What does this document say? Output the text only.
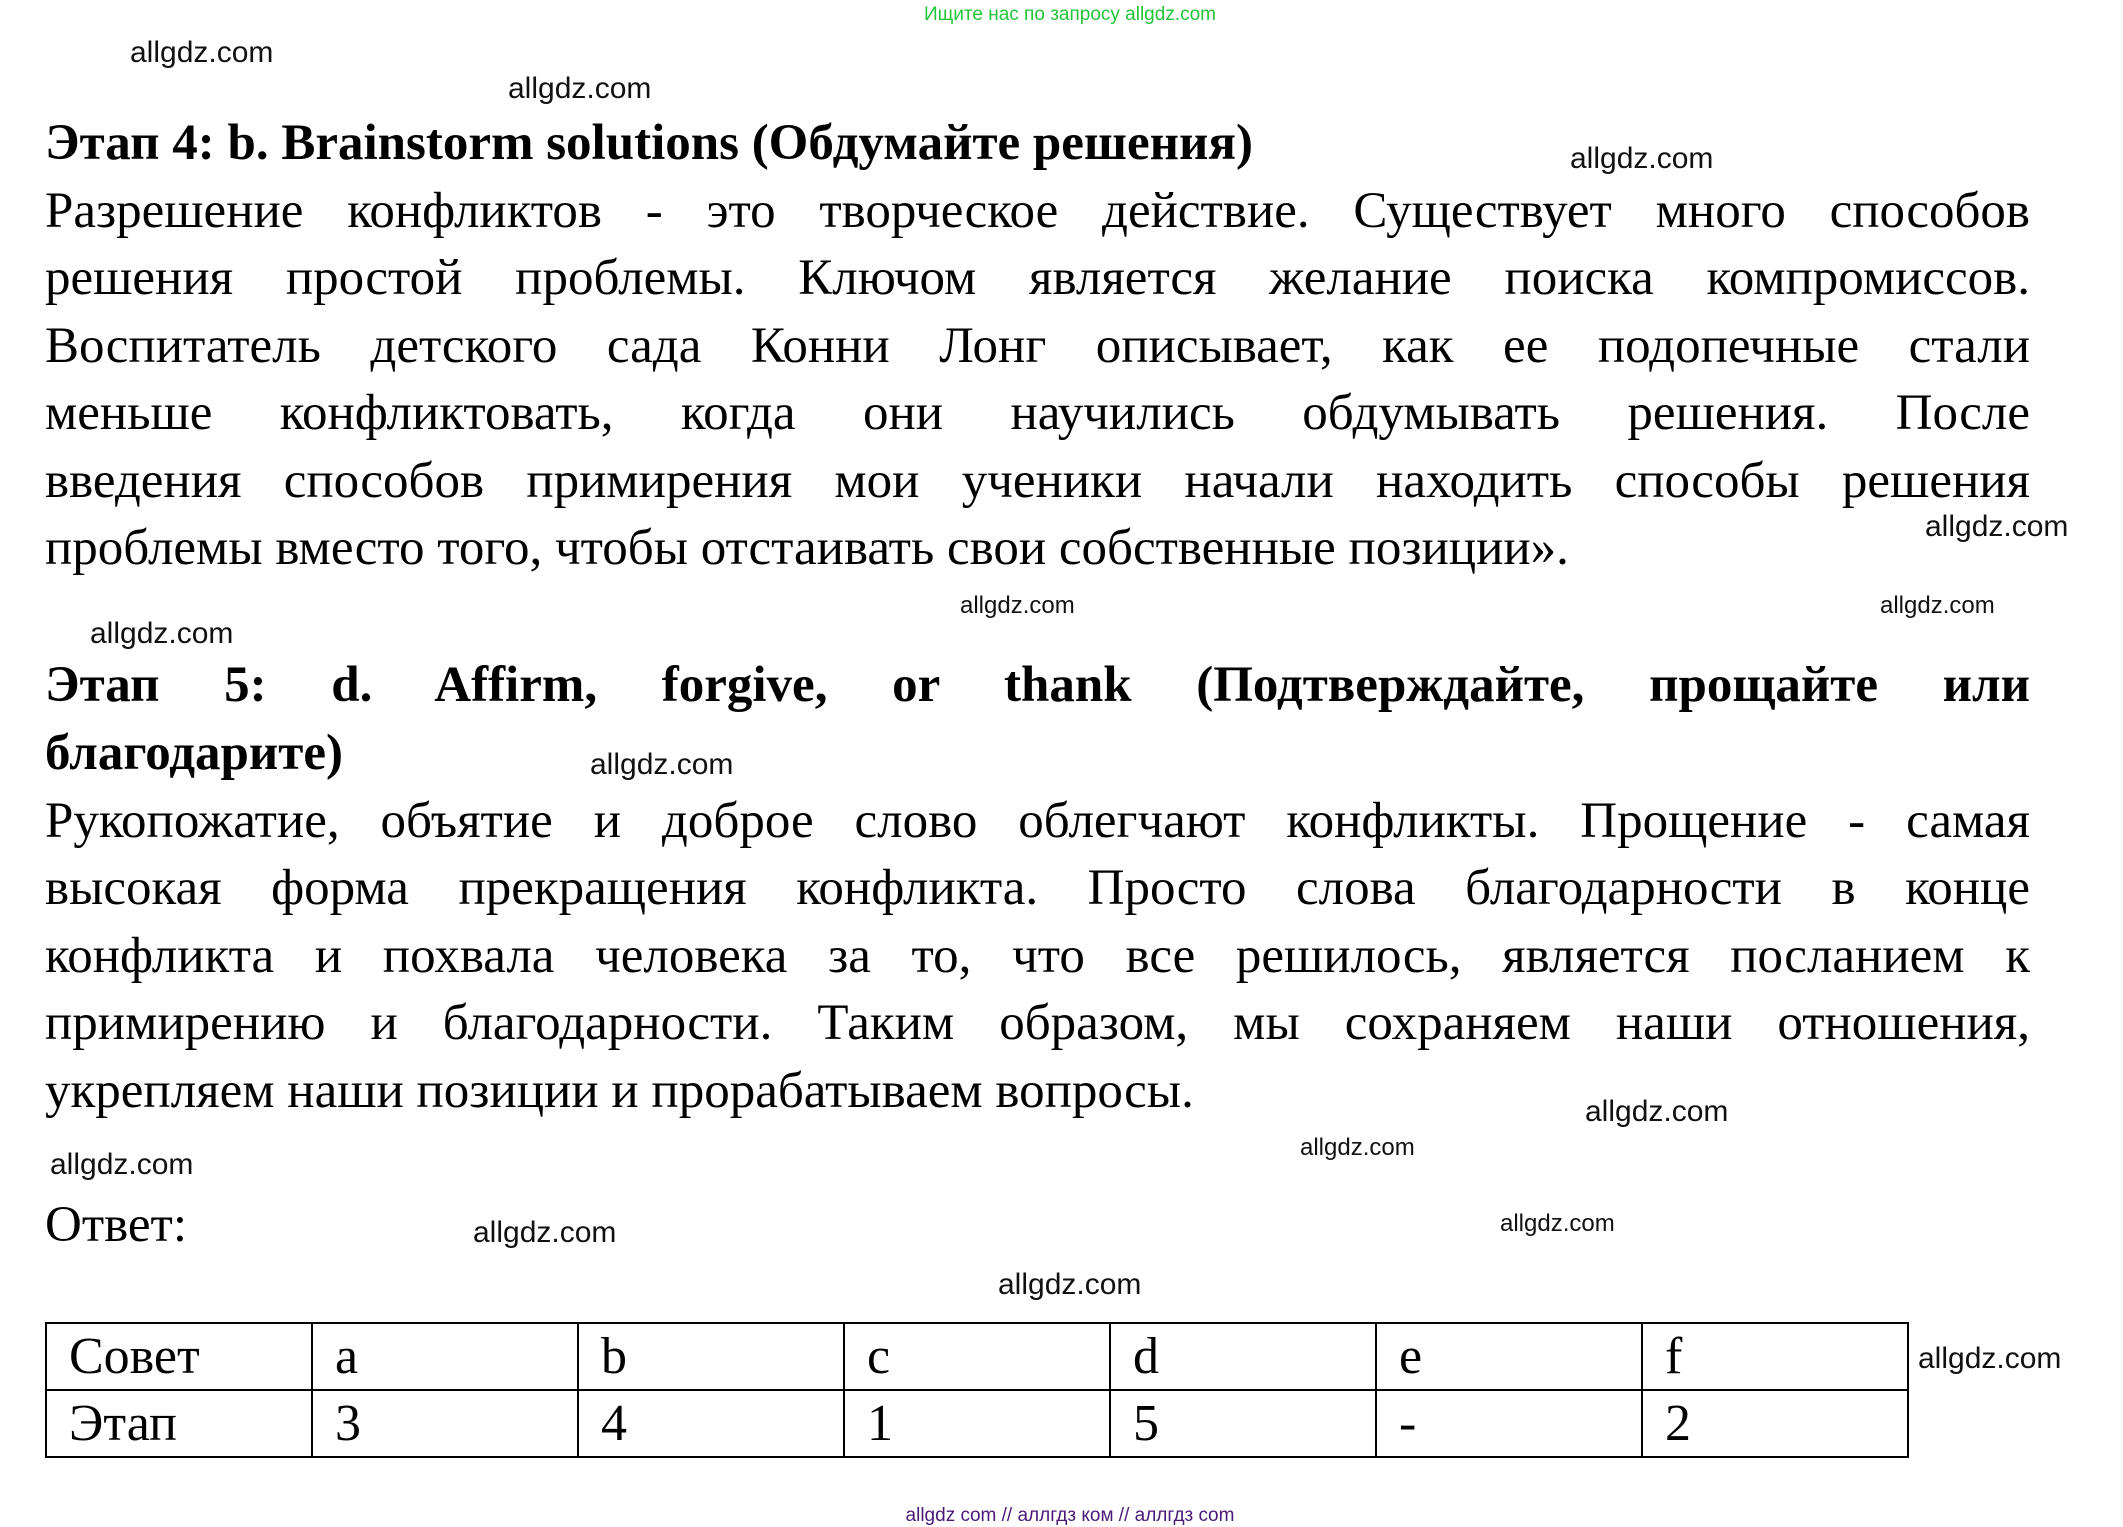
Ищите нас по запросу allgdz.com
Этап 4: b. Brainstorm solutions (Обдумайте решения)
Разрешение конфликтов - это творческое действие. Существует много способов
решения простой проблемы. Ключом является желание поиска компромиссов.
Воспитатель детского сада Конни Лонг описывает, как ее подопечные стали
меньше конфликтовать, когда они научились обдумывать решения. После
введения способов примирения мои ученики начали находить способы решения
проблемы вместо того, чтобы отстаивать свои собственные позиции».
Этап 5: d. Affirm, forgive, or thank (Подтверждайте, прощайте или
благодарите)
Рукопожатие, объятие и доброе слово облегчают конфликты. Прощение - самая
высокая форма прекращения конфликта. Просто слова благодарности в конце
конфликта и похвала человека за то, что все решилось, является посланием к
примирению и благодарности. Таким образом, мы сохраняем наши отношения,
укрепляем наши позиции и прорабатываем вопросы.
Ответ:
Совет	a	b	c	d	e	f
Этап	3	4	1	5	-	2
allgdz.com
allgdz.com
allgdz.com
allgdz.com
allgdz.com
allgdz.com
allgdz.com
allgdz.com
allgdz.com
allgdz.com
allgdz.com
allgdz.com
allgdz.com
allgdz.com
allgdz.com
allgdz com // аллгдз ком // аллгдз com
